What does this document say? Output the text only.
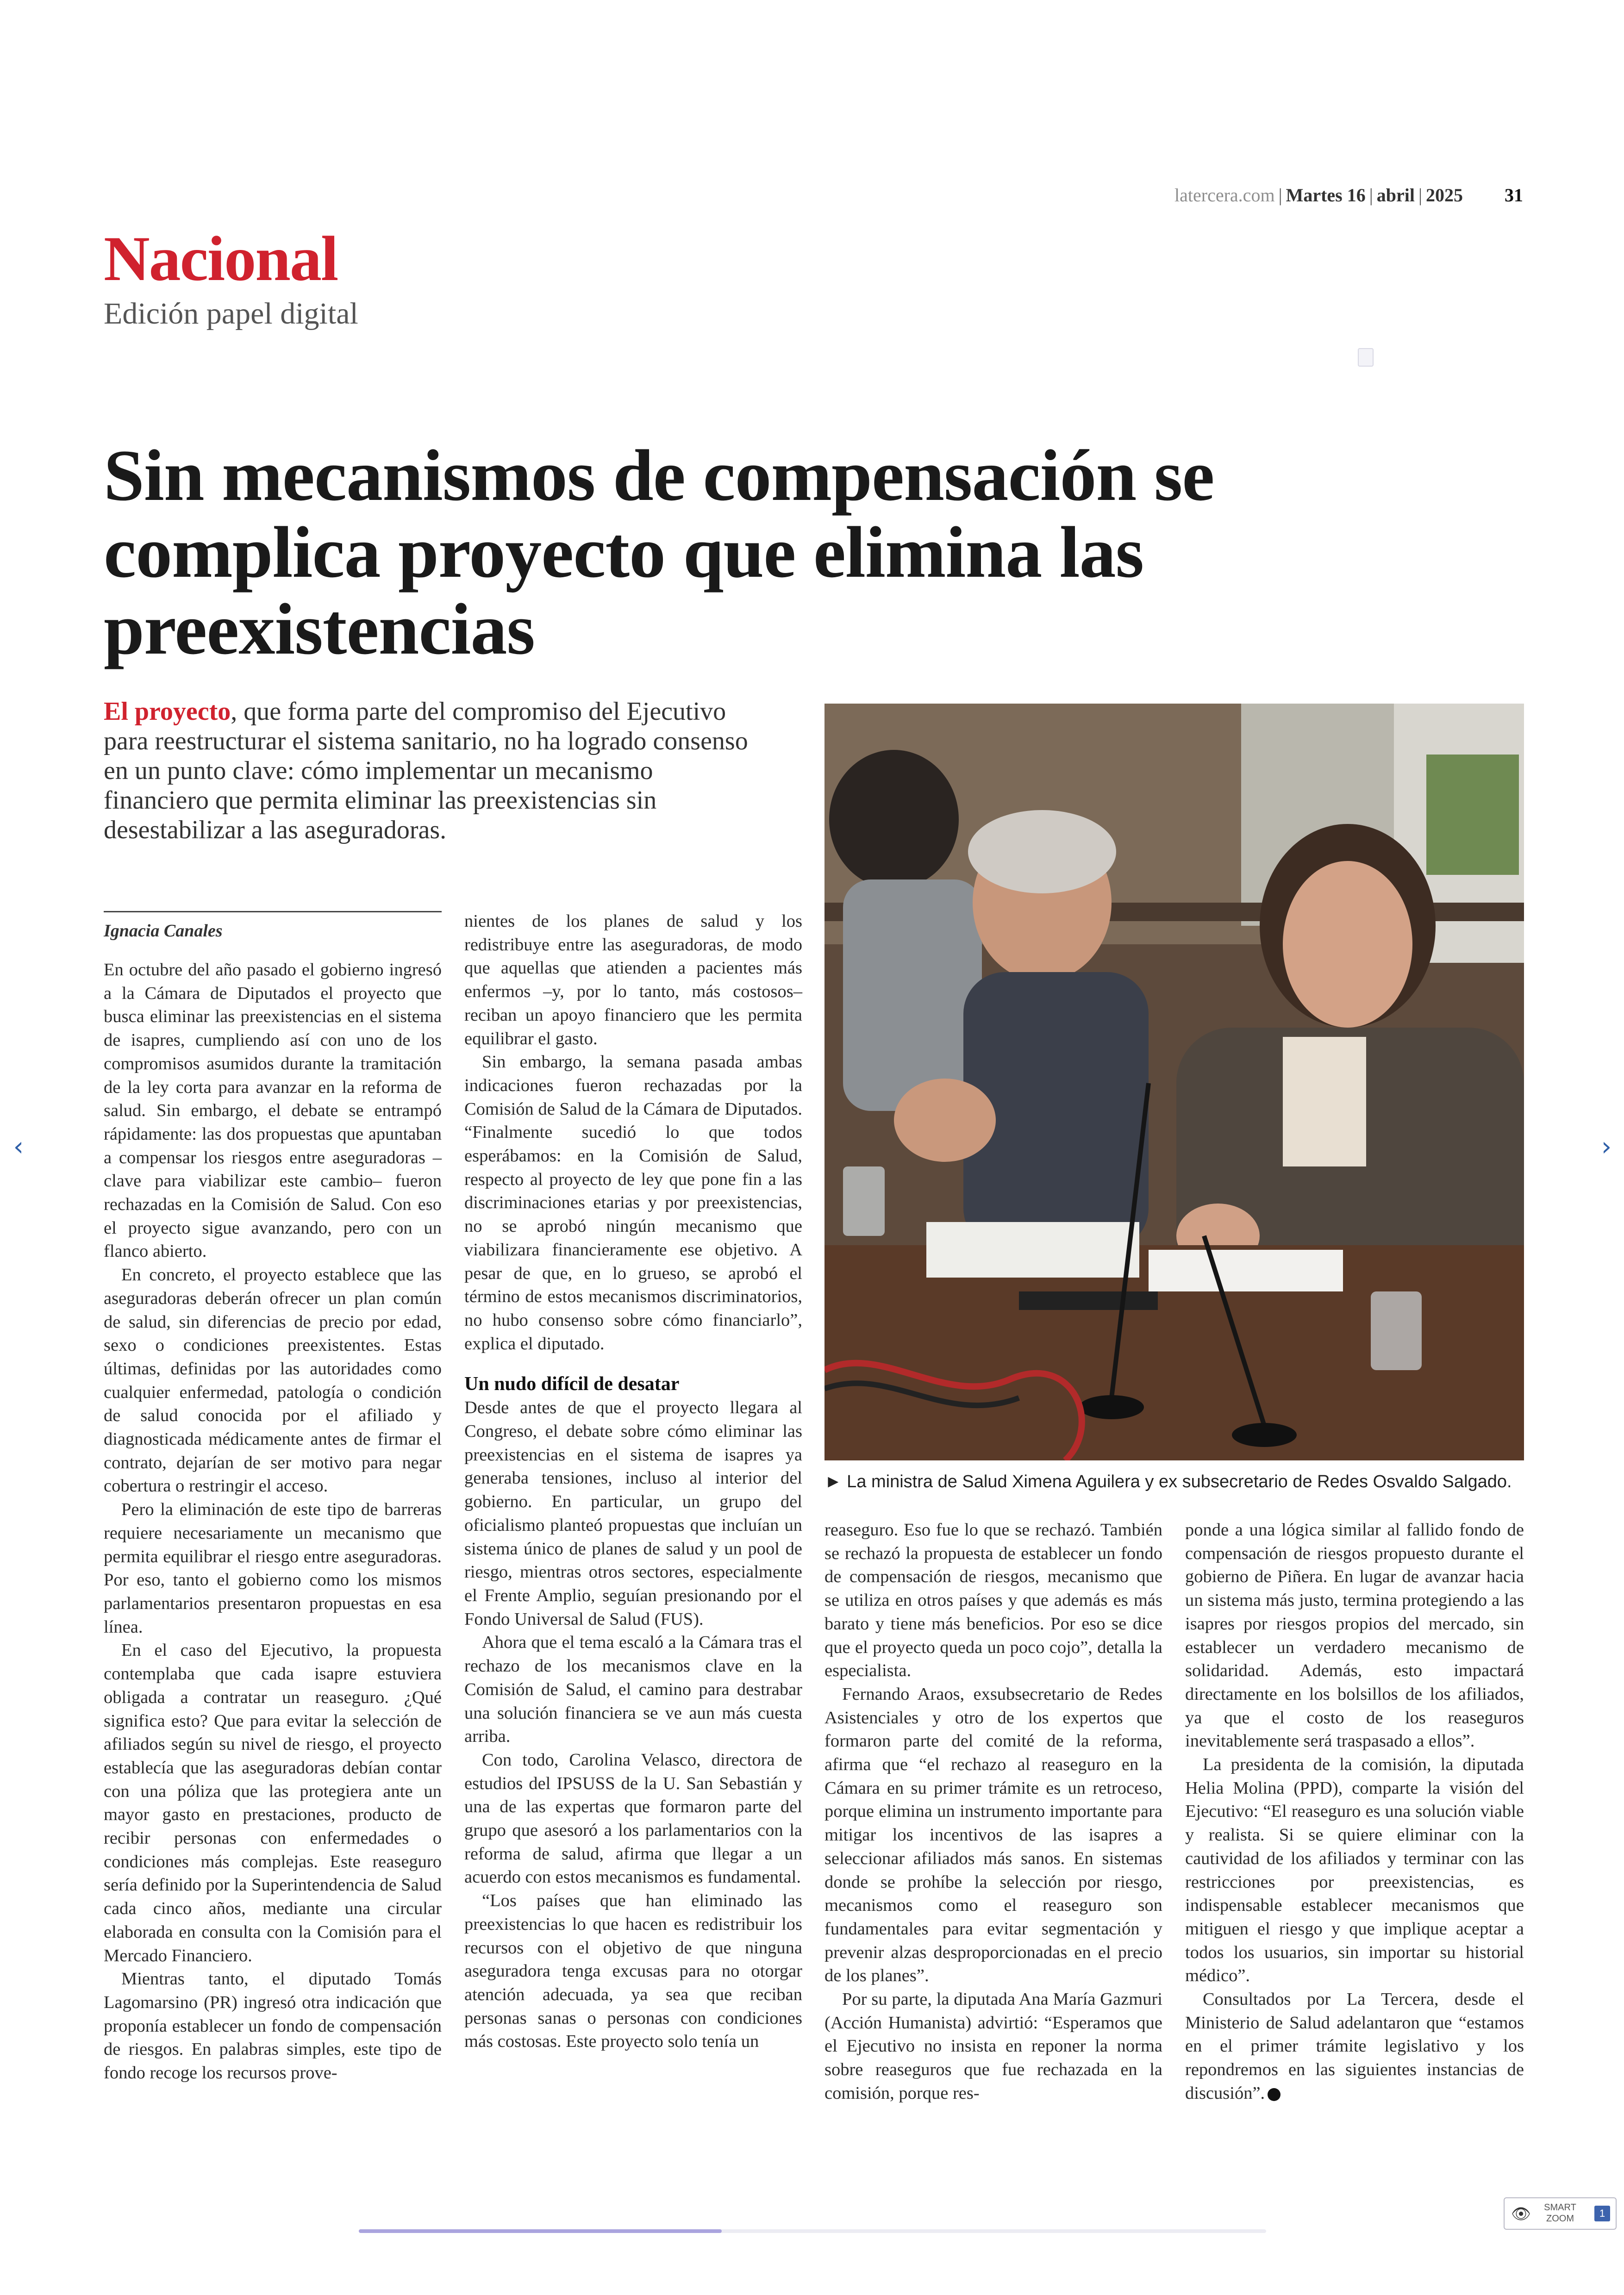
latercera.com | Martes 16 | abril | 2025 31
Nacional
Edición papel digital
Sin mecanismos de compensación se complica proyecto que elimina las preexistencias
El proyecto, que forma parte del compromiso del Ejecutivo para reestructurar el sistema sanitario, no ha logrado consenso en un punto clave: cómo implementar un mecanismo financiero que permita eliminar las preexistencias sin desestabilizar a las aseguradoras.
► La ministra de Salud Ximena Aguilera y ex subsecretario de Redes Osvaldo Salgado.
Ignacia Canales

En octubre del año pasado el gobierno ingresó a la Cámara de Diputados el proyecto que busca eliminar las preexistencias en el sistema de isapres, cumpliendo así con uno de los compromisos asumidos durante la tramitación de la ley corta para avanzar en la reforma de salud. Sin embargo, el debate se entrampó rápidamente: las dos propuestas que apuntaban a compensar los riesgos entre aseguradoras –clave para viabilizar este cambio– fueron rechazadas en la Comisión de Salud. Con eso el proyecto sigue avanzando, pero con un flanco abierto.

En concreto, el proyecto establece que las aseguradoras deberán ofrecer un plan común de salud, sin diferencias de precio por edad, sexo o condiciones preexistentes. Estas últimas, definidas por las autoridades como cualquier enfermedad, patología o condición de salud conocida por el afiliado y diagnosticada médicamente antes de firmar el contrato, dejarían de ser motivo para negar cobertura o restringir el acceso.

Pero la eliminación de este tipo de barreras requiere necesariamente un mecanismo que permita equilibrar el riesgo entre aseguradoras. Por eso, tanto el gobierno como los mismos parlamentarios presentaron propuestas en esa línea.

En el caso del Ejecutivo, la propuesta contemplaba que cada isapre estuviera obligada a contratar un reaseguro. ¿Qué significa esto? Que para evitar la selección de afiliados según su nivel de riesgo, el proyecto establecía que las aseguradoras debían contar con una póliza que las protegiera ante un mayor gasto en prestaciones, producto de recibir personas con enfermedades o condiciones más complejas. Este reaseguro sería definido por la Superintendencia de Salud cada cinco años, mediante una circular elaborada en consulta con la Comisión para el Mercado Financiero.

Mientras tanto, el diputado Tomás Lagomarsino (PR) ingresó otra indicación que proponía establecer un fondo de compensación de riesgos. En palabras simples, este tipo de fondo recoge los recursos prove-

nientes de los planes de salud y los redistribuye entre las aseguradoras, de modo que aquellas que atienden a pacientes más enfermos –y, por lo tanto, más costosos– reciban un apoyo financiero que les permita equilibrar el gasto.

Sin embargo, la semana pasada ambas indicaciones fueron rechazadas por la Comisión de Salud de la Cámara de Diputados. “Finalmente sucedió lo que todos esperábamos: en la Comisión de Salud, respecto al proyecto de ley que pone fin a las discriminaciones etarias y por preexistencias, no se aprobó ningún mecanismo que viabilizara financieramente ese objetivo. A pesar de que, en lo grueso, se aprobó el término de estos mecanismos discriminatorios, no hubo consenso sobre cómo financiarlo”, explica el diputado.

Un nudo difícil de desatar

Desde antes de que el proyecto llegara al Congreso, el debate sobre cómo eliminar las preexistencias en el sistema de isapres ya generaba tensiones, incluso al interior del gobierno. En particular, un grupo del oficialismo planteó propuestas que incluían un sistema único de planes de salud y un pool de riesgo, mientras otros sectores, especialmente el Frente Amplio, seguían presionando por el Fondo Universal de Salud (FUS).

Ahora que el tema escaló a la Cámara tras el rechazo de los mecanismos clave en la Comisión de Salud, el camino para destrabar una solución financiera se ve aun más cuesta arriba.

Con todo, Carolina Velasco, directora de estudios del IPSUSS de la U. San Sebastián y una de las expertas que formaron parte del grupo que asesoró a los parlamentarios con la reforma de salud, afirma que llegar a un acuerdo con estos mecanismos es fundamental.

“Los países que han eliminado las preexistencias lo que hacen es redistribuir los recursos con el objetivo de que ninguna aseguradora tenga excusas para no otorgar atención adecuada, ya sea que reciban personas sanas o personas con condiciones más costosas. Este proyecto solo tenía un

reaseguro. Eso fue lo que se rechazó. También se rechazó la propuesta de establecer un fondo de compensación de riesgos, mecanismo que se utiliza en otros países y que además es más barato y tiene más beneficios. Por eso se dice que el proyecto queda un poco cojo”, detalla la especialista.

Fernando Araos, exsubsecretario de Redes Asistenciales y otro de los expertos que formaron parte del comité de la reforma, afirma que “el rechazo al reaseguro en la Cámara en su primer trámite es un retroceso, porque elimina un instrumento importante para mitigar los incentivos de las isapres a seleccionar afiliados más sanos. En sistemas donde se prohíbe la selección por riesgo, mecanismos como el reaseguro son fundamentales para evitar segmentación y prevenir alzas desproporcionadas en el precio de los planes”.

Por su parte, la diputada Ana María Gazmuri (Acción Humanista) advirtió: “Esperamos que el Ejecutivo no insista en reponer la norma sobre reaseguros que fue rechazada en la comisión, porque res-

ponde a una lógica similar al fallido fondo de compensación de riesgos propuesto durante el gobierno de Piñera. En lugar de avanzar hacia un sistema más justo, termina protegiendo a las isapres por riesgos propios del mercado, sin establecer un verdadero mecanismo de solidaridad. Además, esto impactará directamente en los bolsillos de los afiliados, ya que el costo de los reaseguros inevitablemente será traspasado a ellos”.

La presidenta de la comisión, la diputada Helia Molina (PPD), comparte la visión del Ejecutivo: “El reaseguro es una solución viable y realista. Si se quiere eliminar con la cautividad de los afiliados y terminar con las restricciones por preexistencias, es indispensable establecer mecanismos que mitiguen el riesgo y que implique aceptar a todos los usuarios, sin importar su historial médico”.

Consultados por La Tercera, desde el Ministerio de Salud adelantaron que “estamos en el primer trámite legislativo y los repondremos en las siguientes instancias de discusión”.

‹	›
👁 SMART ZOOM	1
